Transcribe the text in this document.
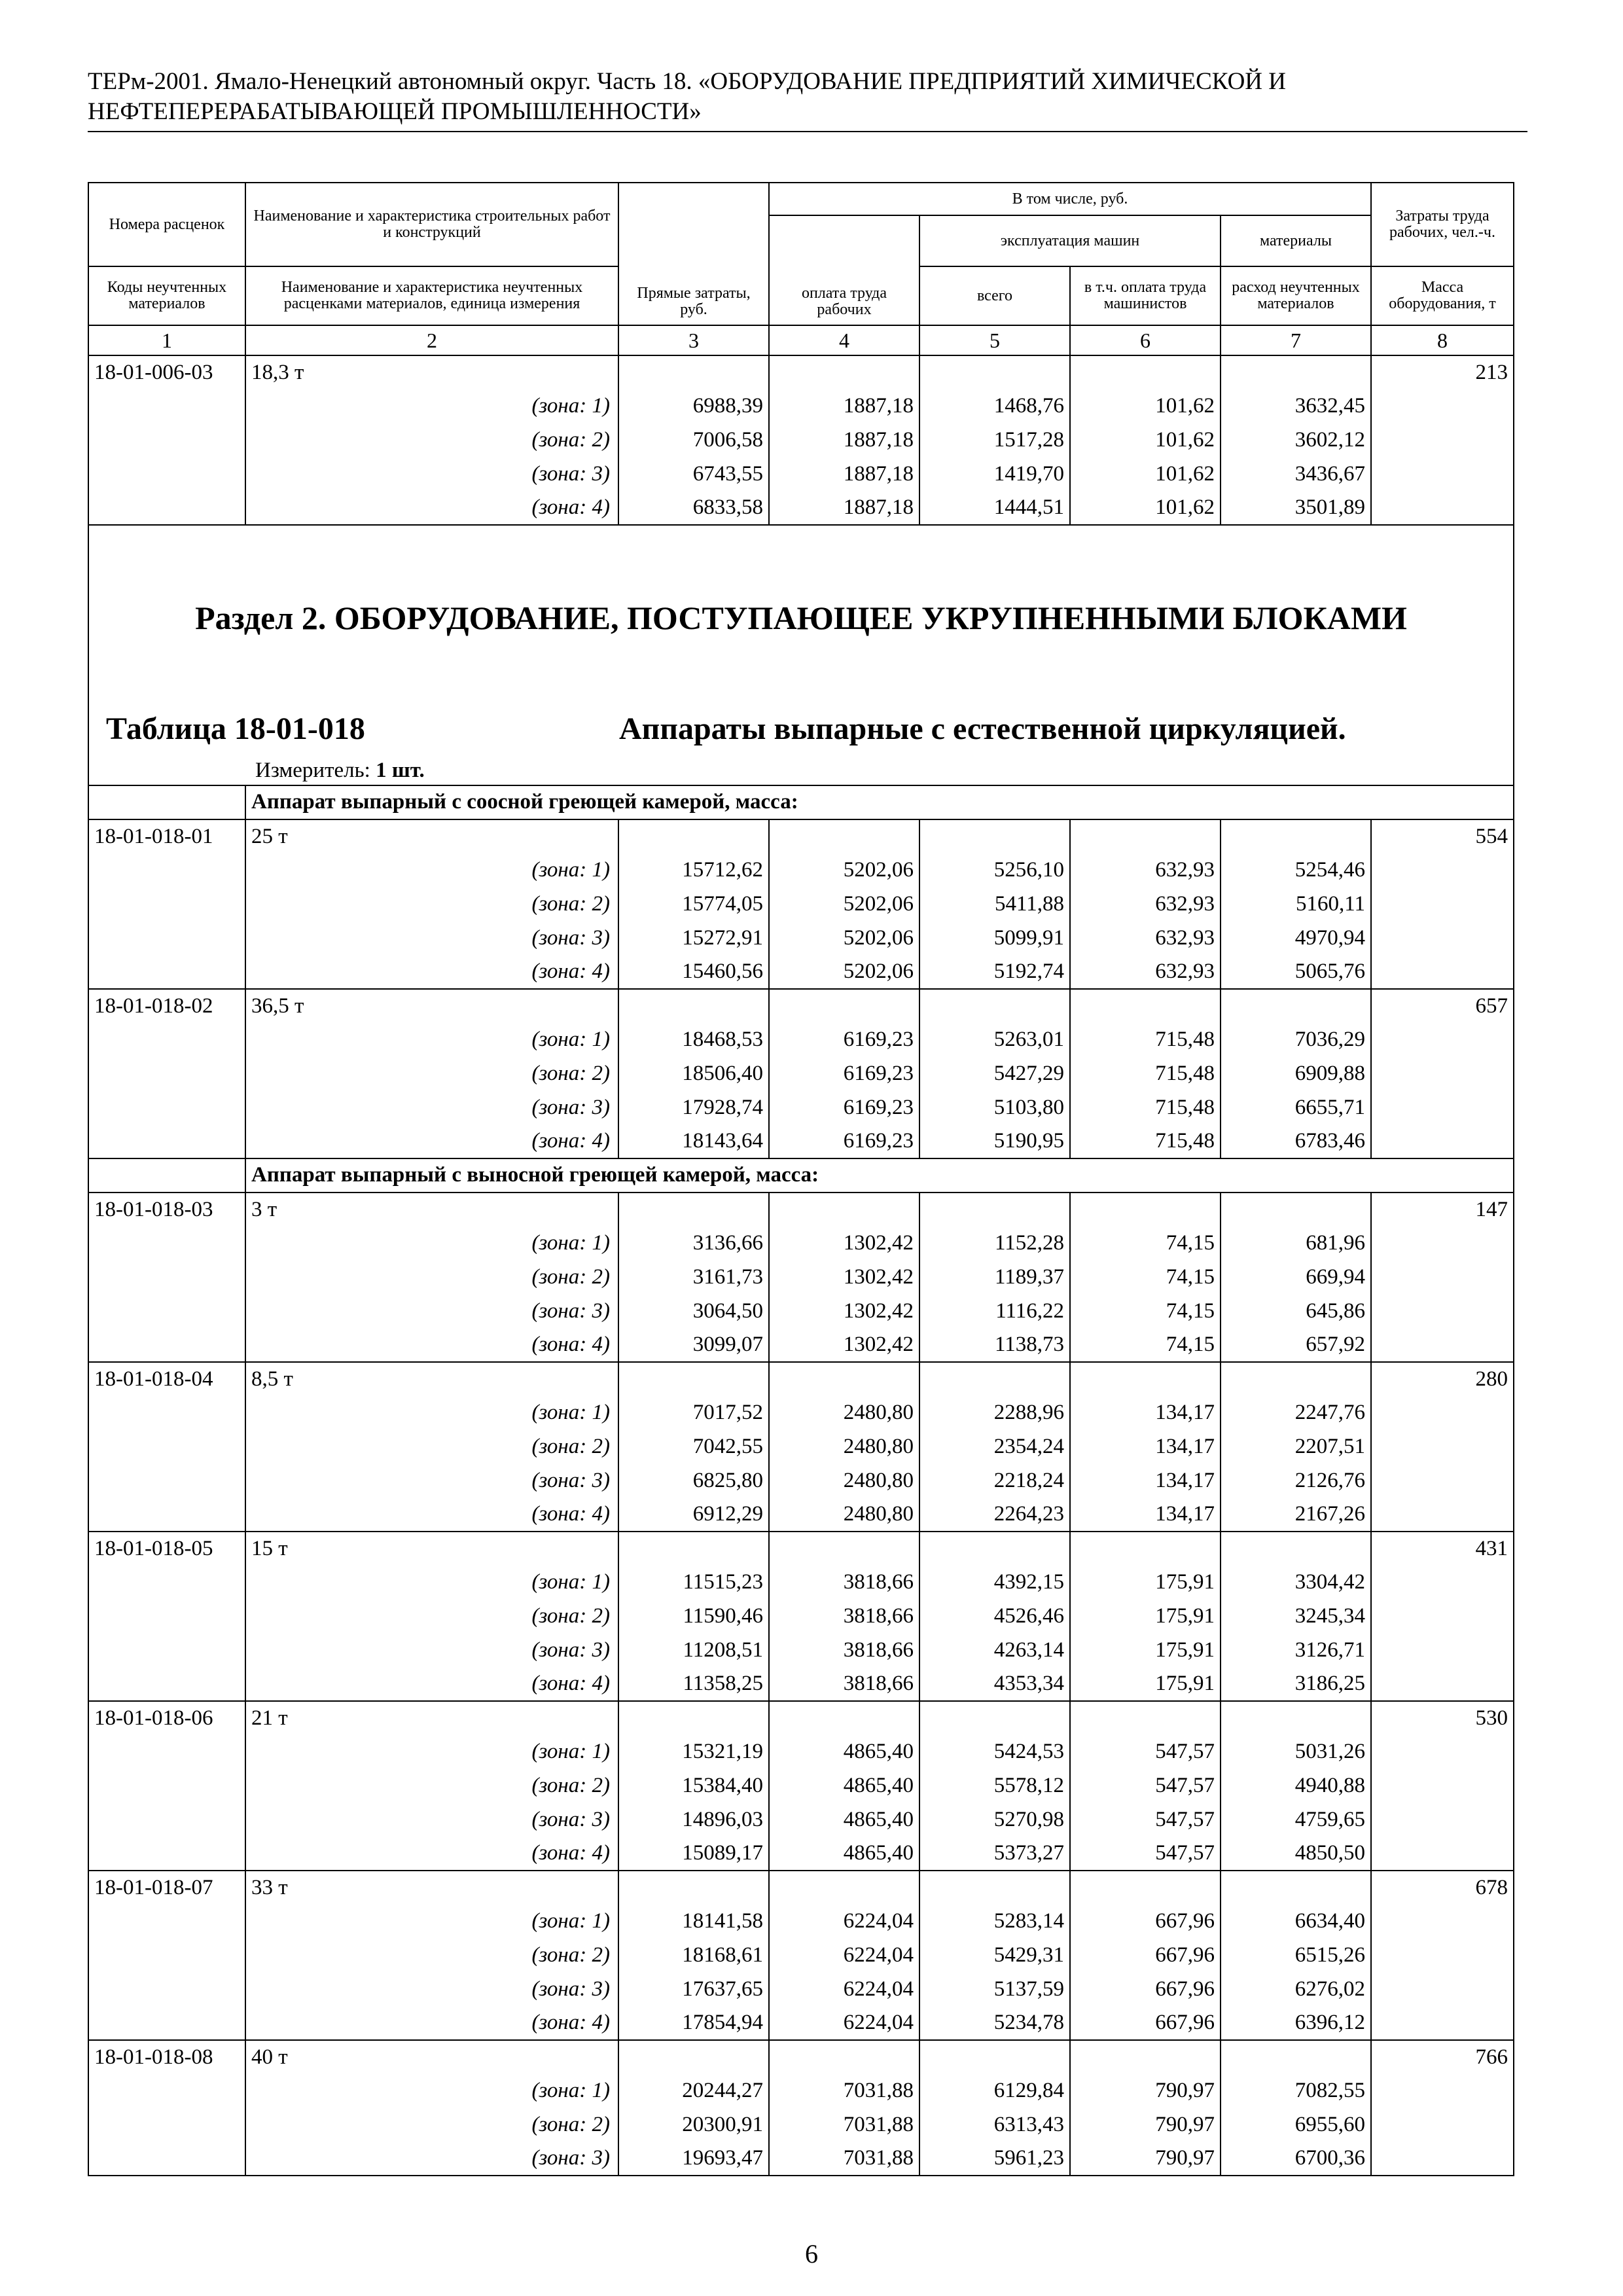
ТЕРм-2001. Ямало-Ненецкий автономный округ. Часть 18. «ОБОРУДОВАНИЕ ПРЕДПРИЯТИЙ ХИМИЧЕСКОЙ И
НЕФТЕПЕРЕРАБАТЫВАЮЩЕЙ ПРОМЫШЛЕННОСТИ»
Номера расценок	Наименование и характеристика строительных работ и конструкций	Прямые затраты, руб.	В том числе, руб.				Затраты труда рабочих, чел.-ч.
			оплата труда рабочих	эксплуатация машин		материалы	
Коды неучтенных материалов	Наименование и характеристика неучтенных расценками материалов, единица измерения			всего	в т.ч. оплата труда машинистов	расход неучтенных материалов	Масса оборудования, т
1	2	3	4	5	6	7	8
18-01-006-03	18,3 т						213
	(зона: 1)	6988,39	1887,18	1468,76	101,62	3632,45	
	(зона: 2)	7006,58	1887,18	1517,28	101,62	3602,12	
	(зона: 3)	6743,55	1887,18	1419,70	101,62	3436,67	
	(зона: 4)	6833,58	1887,18	1444,51	101,62	3501,89	

Раздел 2. ОБОРУДОВАНИЕ, ПОСТУПАЮЩЕЕ УКРУПНЕННЫМИ БЛОКАМИ
Таблица 18-01-018 Аппараты выпарные с естественной циркуляцией.
Измеритель: 1 шт.							

	Аппарат выпарный с соосной греющей камерой, масса:						
18-01-018-01	25 т						554
	(зона: 1)	15712,62	5202,06	5256,10	632,93	5254,46	
	(зона: 2)	15774,05	5202,06	5411,88	632,93	5160,11	
	(зона: 3)	15272,91	5202,06	5099,91	632,93	4970,94	
	(зона: 4)	15460,56	5202,06	5192,74	632,93	5065,76	
18-01-018-02	36,5 т						657
	(зона: 1)	18468,53	6169,23	5263,01	715,48	7036,29	
	(зона: 2)	18506,40	6169,23	5427,29	715,48	6909,88	
	(зона: 3)	17928,74	6169,23	5103,80	715,48	6655,71	
	(зона: 4)	18143,64	6169,23	5190,95	715,48	6783,46	
	Аппарат выпарный с выносной греющей камерой, масса:						
18-01-018-03	3 т						147
	(зона: 1)	3136,66	1302,42	1152,28	74,15	681,96	
	(зона: 2)	3161,73	1302,42	1189,37	74,15	669,94	
	(зона: 3)	3064,50	1302,42	1116,22	74,15	645,86	
	(зона: 4)	3099,07	1302,42	1138,73	74,15	657,92	
18-01-018-04	8,5 т						280
	(зона: 1)	7017,52	2480,80	2288,96	134,17	2247,76	
	(зона: 2)	7042,55	2480,80	2354,24	134,17	2207,51	
	(зона: 3)	6825,80	2480,80	2218,24	134,17	2126,76	
	(зона: 4)	6912,29	2480,80	2264,23	134,17	2167,26	
18-01-018-05	15 т						431
	(зона: 1)	11515,23	3818,66	4392,15	175,91	3304,42	
	(зона: 2)	11590,46	3818,66	4526,46	175,91	3245,34	
	(зона: 3)	11208,51	3818,66	4263,14	175,91	3126,71	
	(зона: 4)	11358,25	3818,66	4353,34	175,91	3186,25	
18-01-018-06	21 т						530
	(зона: 1)	15321,19	4865,40	5424,53	547,57	5031,26	
	(зона: 2)	15384,40	4865,40	5578,12	547,57	4940,88	
	(зона: 3)	14896,03	4865,40	5270,98	547,57	4759,65	
	(зона: 4)	15089,17	4865,40	5373,27	547,57	4850,50	
18-01-018-07	33 т						678
	(зона: 1)	18141,58	6224,04	5283,14	667,96	6634,40	
	(зона: 2)	18168,61	6224,04	5429,31	667,96	6515,26	
	(зона: 3)	17637,65	6224,04	5137,59	667,96	6276,02	
	(зона: 4)	17854,94	6224,04	5234,78	667,96	6396,12	
18-01-018-08	40 т						766
	(зона: 1)	20244,27	7031,88	6129,84	790,97	7082,55	
	(зона: 2)	20300,91	7031,88	6313,43	790,97	6955,60	
	(зона: 3)	19693,47	7031,88	5961,23	790,97	6700,36	
6
